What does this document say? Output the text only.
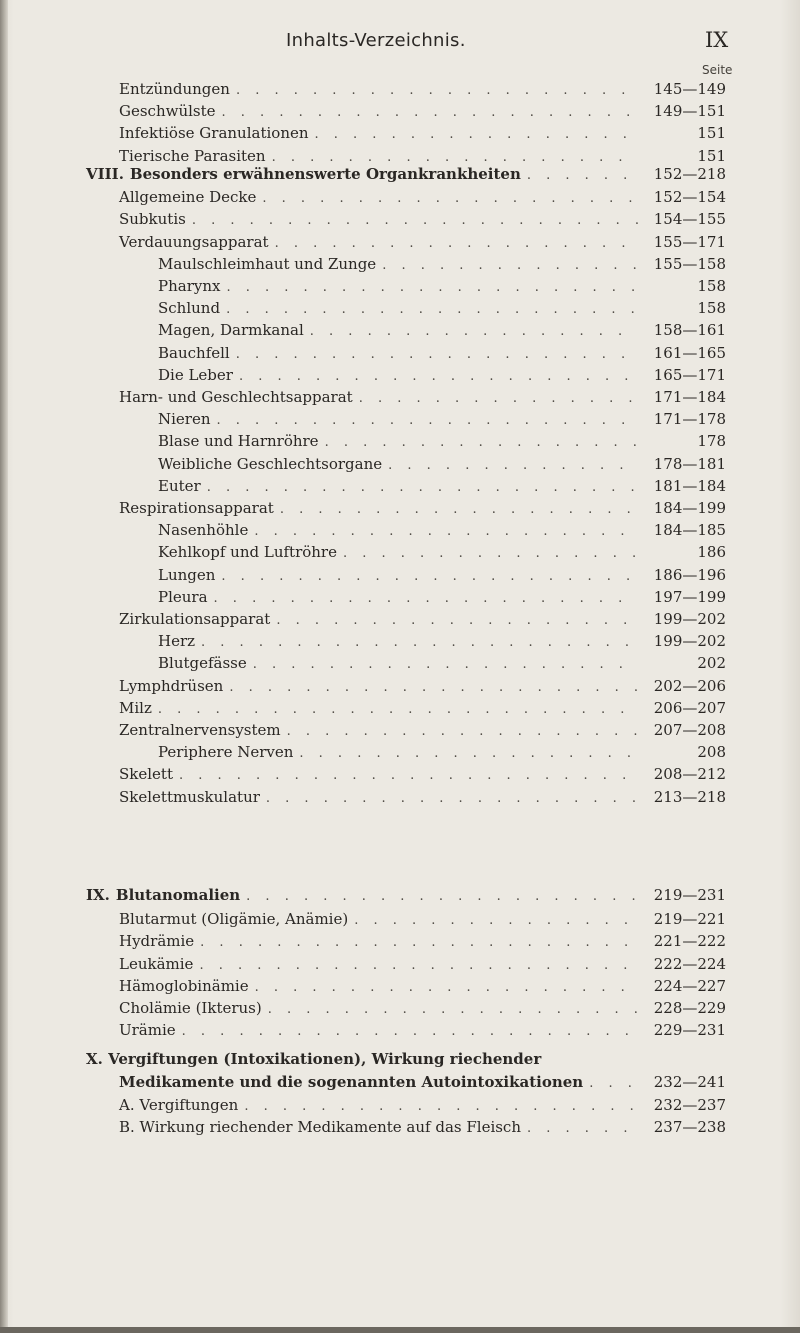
Inhalts-Verzeichnis.	IX
Seite
Entzündungen . . .	145—149
Geschwülste . . .	149—151
Infektiöse Granulationen . . .	151
Tierische Parasiten . . .	151
VIII. Besonders erwähnenswerte Organkrankheiten . . .	152—218
Allgemeine Decke . . .	152—154
Subkutis . . .	154—155
Verdauungsapparat . . .	155—171
Maulschleimhaut und Zunge . . .	155—158
Pharynx . . .	158
Schlund . . .	158
Magen, Darmkanal . . .	158—161
Bauchfell . . .	161—165
Die Leber . . .	165—171
Harn- und Geschlechtsapparat . . .	171—184
Nieren . . .	171—178
Blase und Harnröhre . . .	178
Weibliche Geschlechtsorgane . . .	178—181
Euter . . .	181—184
Respirationsapparat . . .	184—199
Nasenhöhle . . .	184—185
Kehlkopf und Luftröhre . . .	186
Lungen . . .	186—196
Pleura . . .	197—199
Zirkulationsapparat . . .	199—202
Herz . . .	199—202
Blutgefässe . . .	202
Lymphdrüsen . . .	202—206
Milz . . .	206—207
Zentralnervensystem . . .	207—208
Periphere Nerven . . .	208
Skelett . . .	208—212
Skelettmuskulatur . . .	213—218
IX. Blutanomalien . . .	219—231
Blutarmut (Oligämie, Anämie) . . .	219—221
Hydrämie . . .	221—222
Leukämie . . .	222—224
Hämoglobinämie . . .	224—227
Cholämie (Ikterus) . . .	228—229
Urämie . . .	229—231
X. Vergiftungen (Intoxikationen), Wirkung riechender
Medikamente und die sogenannten Autointoxikationen . . .	232—241
A. Vergiftungen . . .	232—237
B. Wirkung riechender Medikamente auf das Fleisch . . .	237—238
